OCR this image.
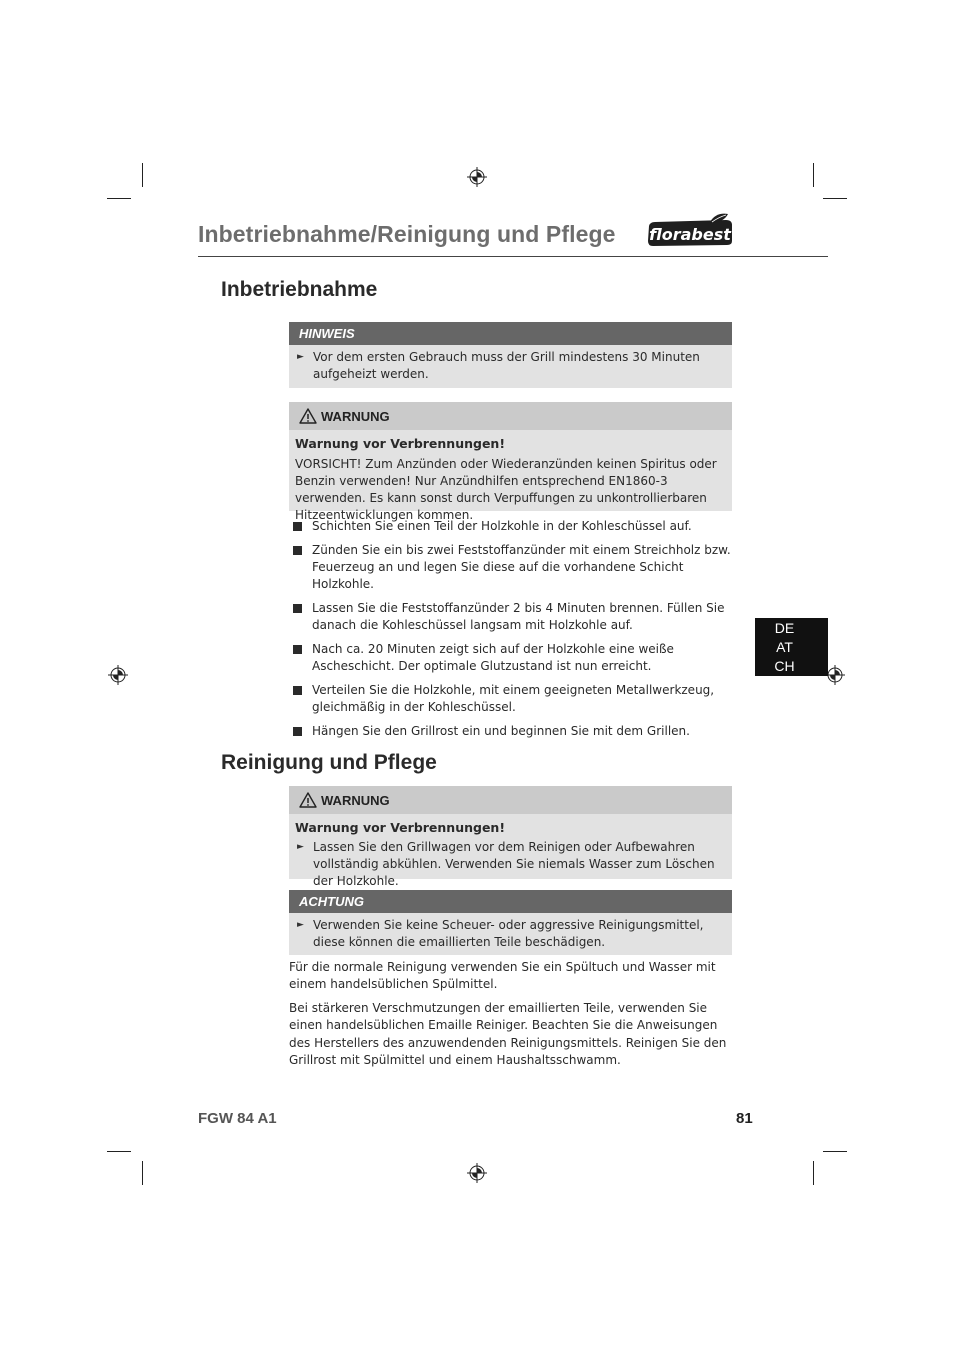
Inbetriebnahme/Reinigung und Pflege florabest
Inbetriebnahme
HINWEIS
► Vor dem ersten Gebrauch muss der Grill mindestens 30 Minuten aufgeheizt werden.
WARNUNG
Warnung vor Verbrennungen!

VORSICHT! Zum Anzünden oder Wiederanzünden keinen Spiritus oder Benzin verwenden! Nur Anzündhilfen entsprechend EN1860-3 verwenden. Es kann sonst durch Verpuffungen zu unkontrollierbaren Hitzeentwicklungen kommen.

Schichten Sie einen Teil der Holzkohle in der Kohleschüssel auf.
Zünden Sie ein bis zwei Feststoffanzünder mit einem Streichholz bzw. Feuerzeug an und legen Sie diese auf die vorhandene Schicht Holzkohle.
Lassen Sie die Feststoffanzünder 2 bis 4 Minuten brennen. Füllen Sie danach die Kohleschüssel langsam mit Holzkohle auf.
Nach ca. 20 Minuten zeigt sich auf der Holzkohle eine weiße Ascheschicht. Der optimale Glutzustand ist nun erreicht.
Verteilen Sie die Holzkohle, mit einem geeigneten Metallwerkzeug, gleichmäßig in der Kohleschüssel.
Hängen Sie den Grillrost ein und beginnen Sie mit dem Grillen.
DE
AT
CH
Reinigung und Pflege
WARNUNG
Warnung vor Verbrennungen!
► Lassen Sie den Grillwagen vor dem Reinigen oder Aufbewahren vollständig abkühlen. Verwenden Sie niemals Wasser zum Löschen der Holzkohle.
ACHTUNG
► Verwenden Sie keine Scheuer- oder aggressive Reinigungsmittel, diese können die emaillierten Teile beschädigen.

Für die normale Reinigung verwenden Sie ein Spültuch und Wasser mit einem handelsüblichen Spülmittel.

Bei stärkeren Verschmutzungen der emaillierten Teile, verwenden Sie einen handelsüblichen Emaille Reiniger. Beachten Sie die Anweisungen des Herstellers des anzuwendenden Reinigungsmittels. Reinigen Sie den Grillrost mit Spülmittel und einem Haushaltsschwamm.

FGW 84 A1	81
